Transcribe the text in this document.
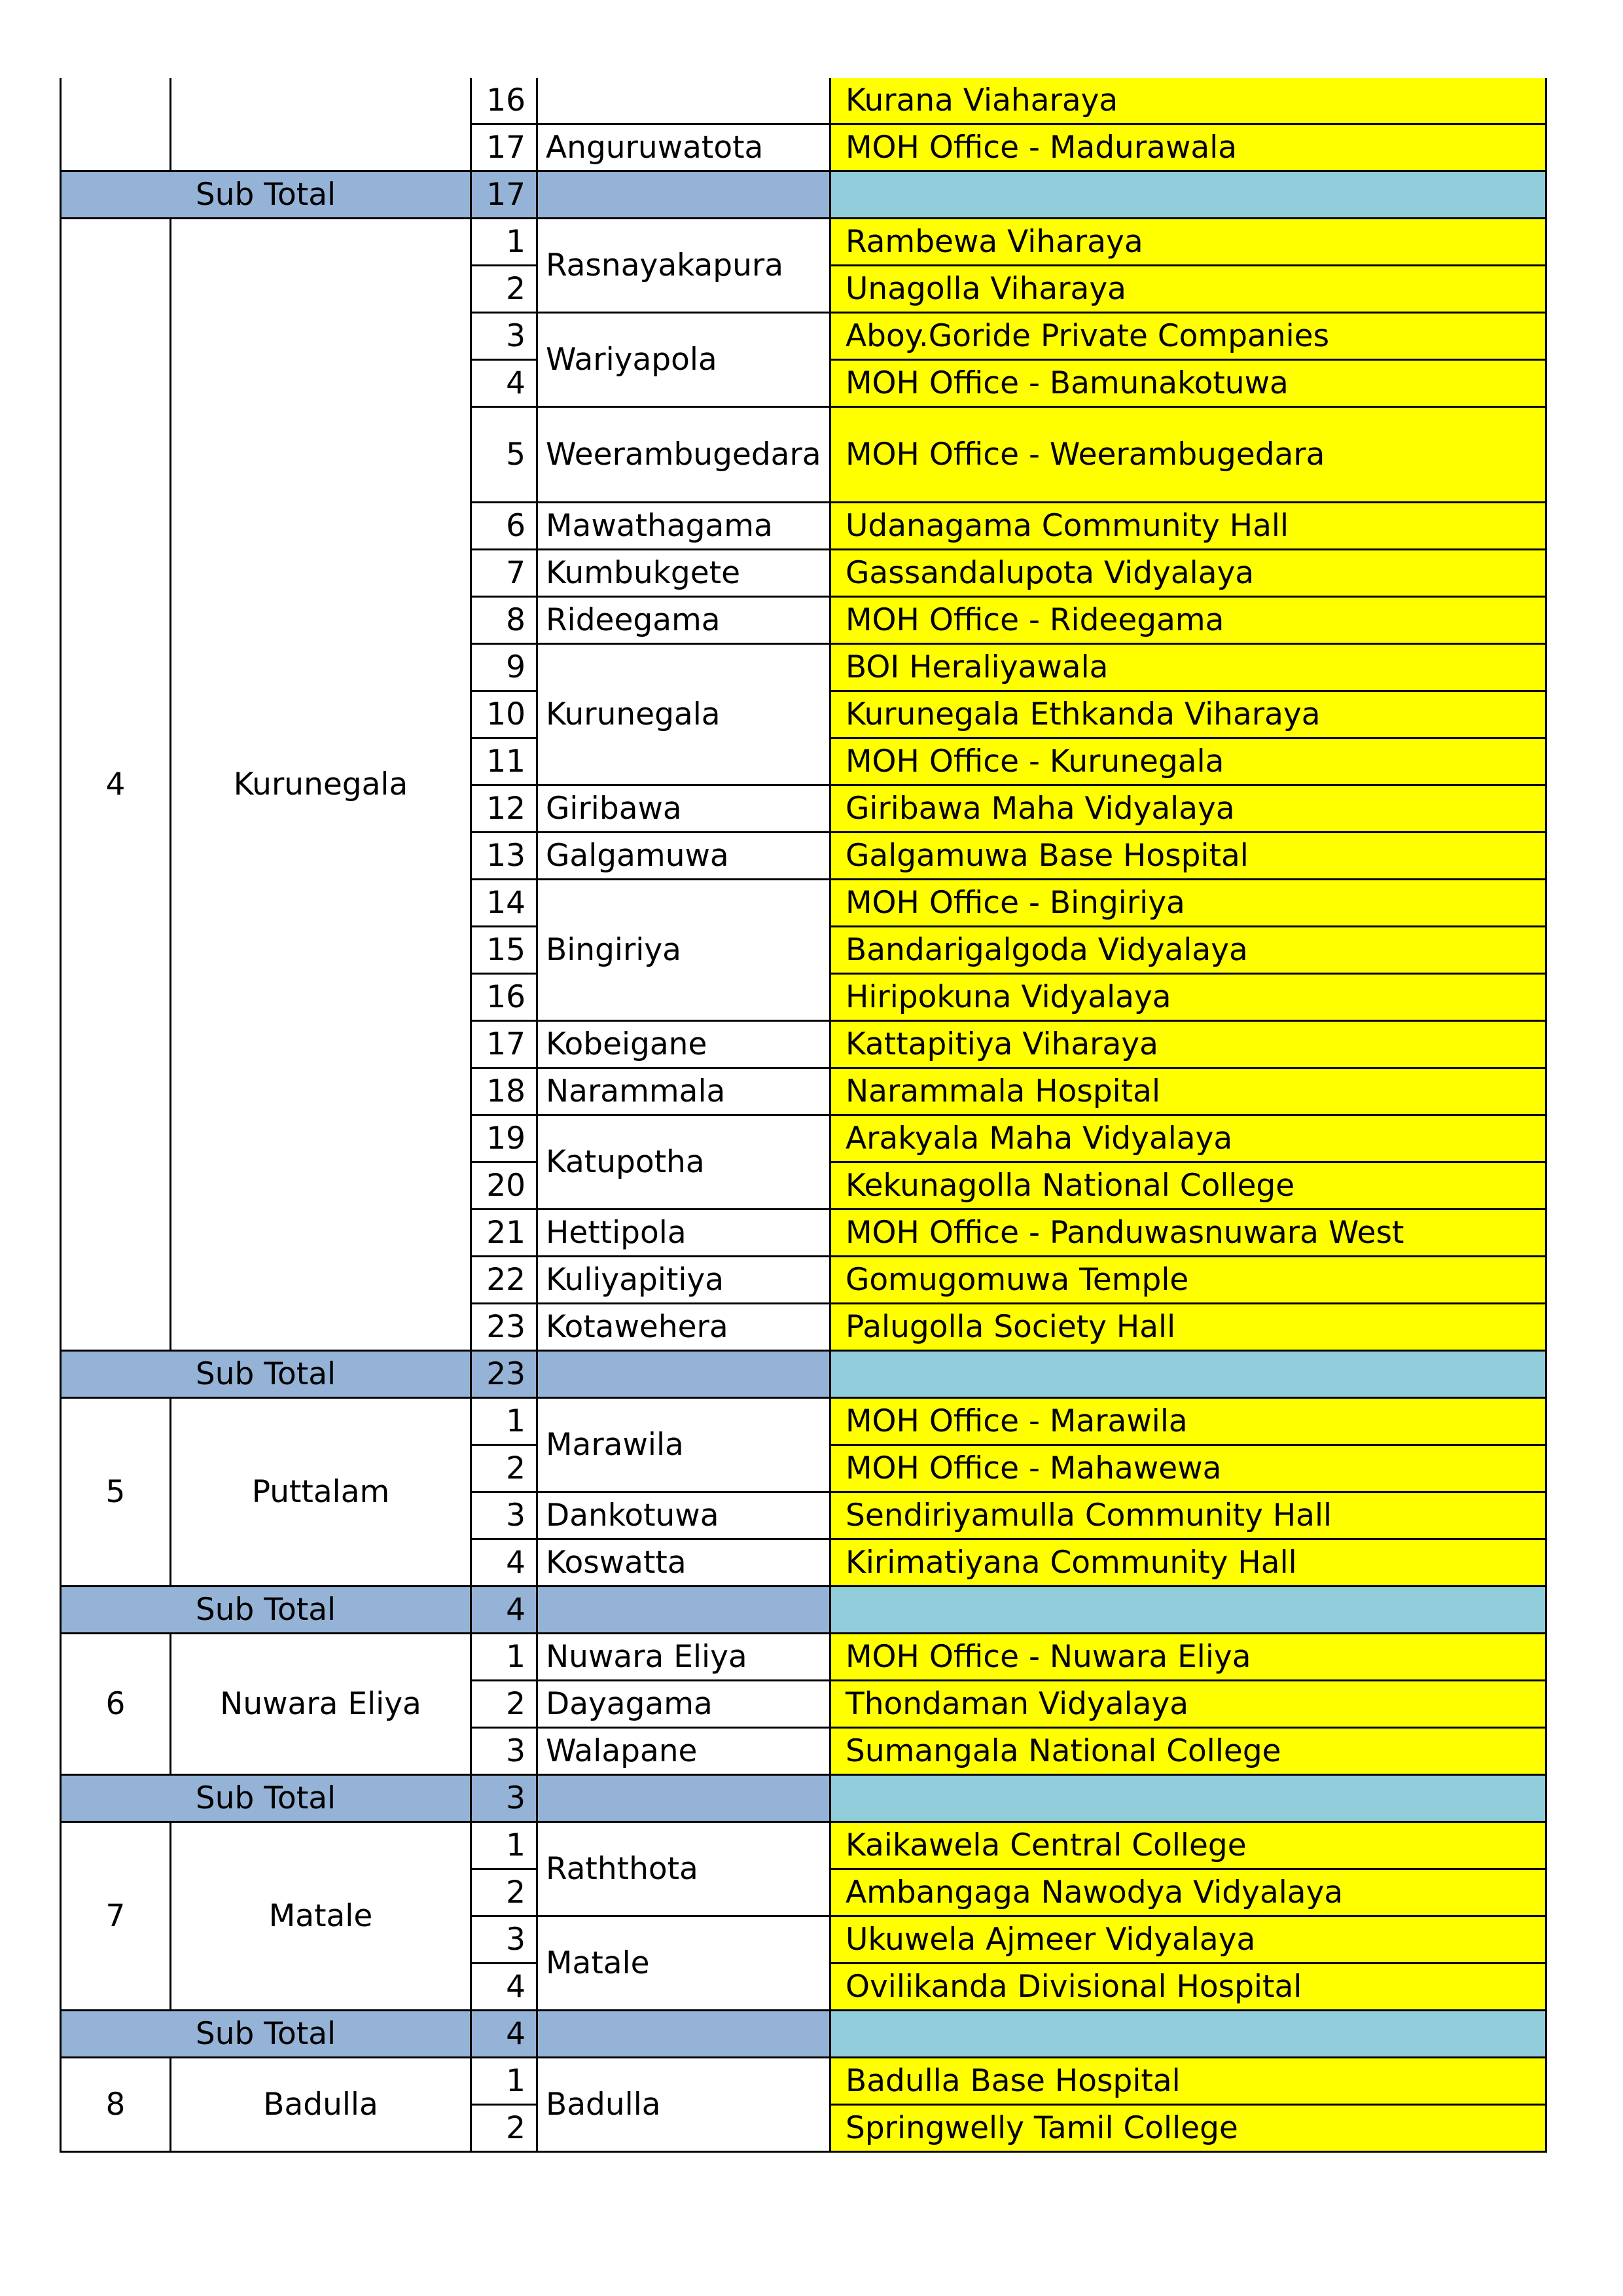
		16		Kurana Viaharaya
		17	Anguruwatota	MOH Office - Madurawala
Sub Total		17		
4	Kurunegala	1	Rasnayakapura	Rambewa Viharaya
		2		Unagolla Viharaya
		3	Wariyapola	Aboy.Goride Private Companies
		4		MOH Office - Bamunakotuwa
		5	Weerambugedara	MOH Office - Weerambugedara
		6	Mawathagama	Udanagama Community Hall
		7	Kumbukgete	Gassandalupota Vidyalaya
		8	Rideegama	MOH Office - Rideegama
		9	Kurunegala	BOI Heraliyawala
		10		Kurunegala Ethkanda Viharaya
		11		MOH Office - Kurunegala
		12	Giribawa	Giribawa Maha Vidyalaya
		13	Galgamuwa	Galgamuwa Base Hospital
		14	Bingiriya	MOH Office - Bingiriya
		15		Bandarigalgoda Vidyalaya
		16		Hiripokuna Vidyalaya
		17	Kobeigane	Kattapitiya Viharaya
		18	Narammala	Narammala Hospital
		19	Katupotha	Arakyala Maha Vidyalaya
		20		Kekunagolla National College
		21	Hettipola	MOH Office - Panduwasnuwara West
		22	Kuliyapitiya	Gomugomuwa Temple
		23	Kotawehera	Palugolla Society Hall
Sub Total		23		
5	Puttalam	1	Marawila	MOH Office - Marawila
		2		MOH Office - Mahawewa
		3	Dankotuwa	Sendiriyamulla Community Hall
		4	Koswatta	Kirimatiyana Community Hall
Sub Total		4		
6	Nuwara Eliya	1	Nuwara Eliya	MOH Office - Nuwara Eliya
		2	Dayagama	Thondaman Vidyalaya
		3	Walapane	Sumangala National College
Sub Total		3		
7	Matale	1	Raththota	Kaikawela Central College
		2		Ambangaga Nawodya Vidyalaya
		3	Matale	Ukuwela Ajmeer Vidyalaya
		4		Ovilikanda Divisional Hospital
Sub Total		4		
8	Badulla	1	Badulla	Badulla Base Hospital
		2		Springwelly Tamil College
